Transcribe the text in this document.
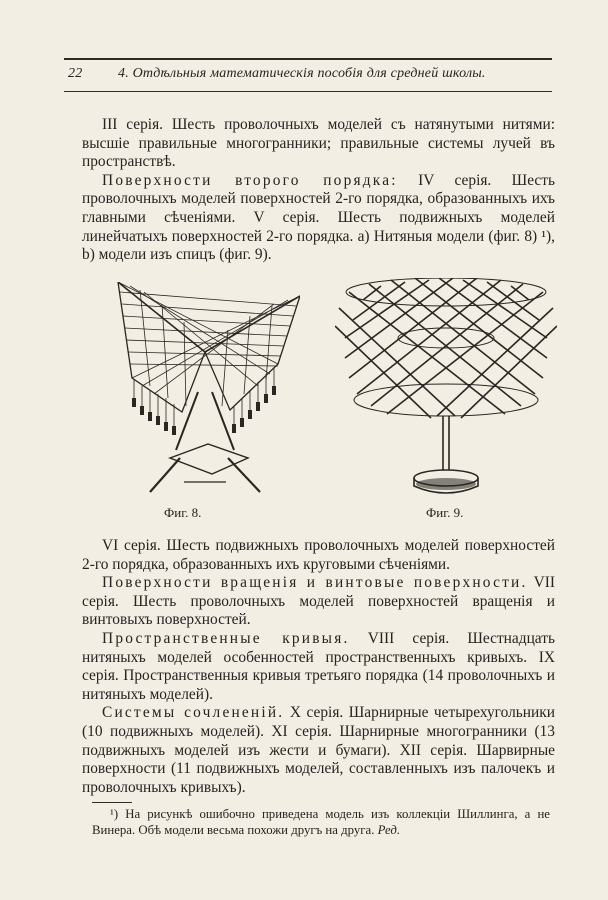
22	4. Отдѣльныя математическія пособія для средней школы.

III серія. Шесть проволочныхъ моделей съ натянутыми нитями: высшіе правильные многогранники; правильные системы лучей въ пространствѣ.

Поверхности второго порядка: IV серія. Шесть проволочныхъ моделей поверхностей 2-го порядка, образованныхъ ихъ главными сѣченіями. V серія. Шесть подвижныхъ моделей линейчатыхъ поверхностей 2-го порядка. а) Нитяныя модели (фиг. 8) ¹), b) модели изъ спицъ (фиг. 9).

Фиг. 8.	Фиг. 9.

VI серія. Шесть подвижныхъ проволочныхъ моделей поверхностей 2-го порядка, образованныхъ ихъ круговыми сѣченіями.

Поверхности вращенія и винтовые поверхности. VII серія. Шесть проволочныхъ моделей поверхностей вращенія и винтовыхъ поверхностей.

Пространственные кривыя. VIII серія. Шестнадцать нитяныхъ моделей особенностей пространственныхъ кривыхъ. IX серія. Пространственныя кривыя третьяго порядка (14 проволочныхъ и нитяныхъ моделей).

Системы сочлененій. X серія. Шарнирные четырехугольники (10 подвижныхъ моделей). XI серія. Шарнирные многогранники (13 подвижныхъ моделей изъ жести и бумаги). XII серія. Шарвирные поверхности (11 подвижныхъ моделей, составленныхъ изъ палочекъ и проволочныхъ кривыхъ).

¹) На рисункѣ ошибочно приведена модель изъ коллекціи Шиллинга, а не Винера. Обѣ модели весьма похожи другъ на друга. Ред.
